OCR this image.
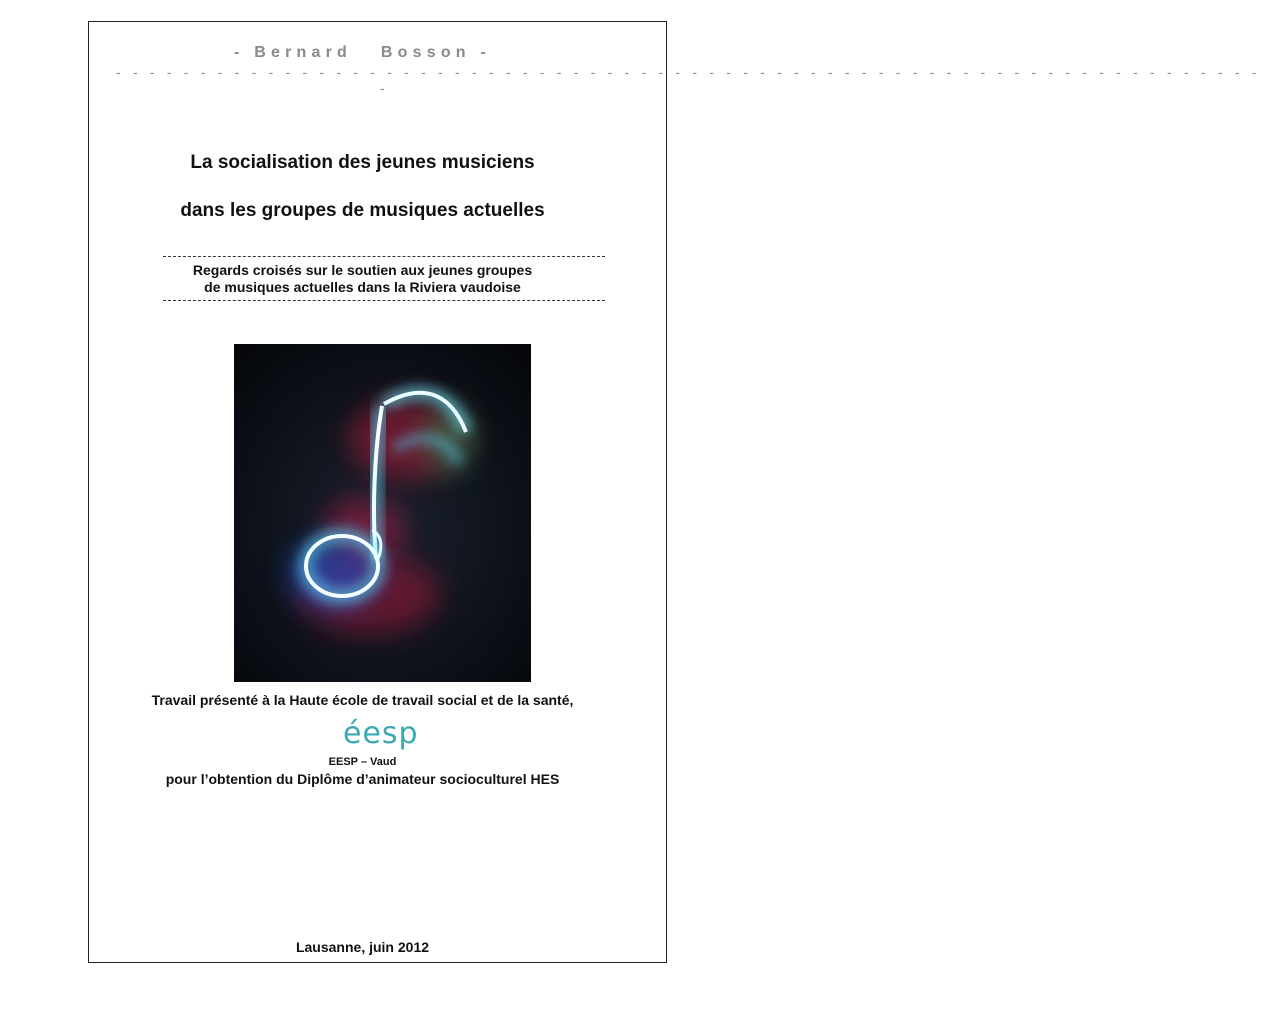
- Bernard   Bosson -
- - - - - - - - - - - - - - - - - - - - - - - - - - - - - - - - - - - - - - - - - - - - - - - - - - - - - - - - - - - - - - - - - - - -
-
La socialisation des jeunes musiciens
dans les groupes de musiques actuelles
Regards croisés sur le soutien aux jeunes groupes
de musiques actuelles dans la Riviera vaudoise
Travail présenté à la Haute école de travail social et de la santé,
éesp
EESP – Vaud
pour l’obtention du Diplôme d’animateur socioculturel HES
Lausanne, juin 2012
